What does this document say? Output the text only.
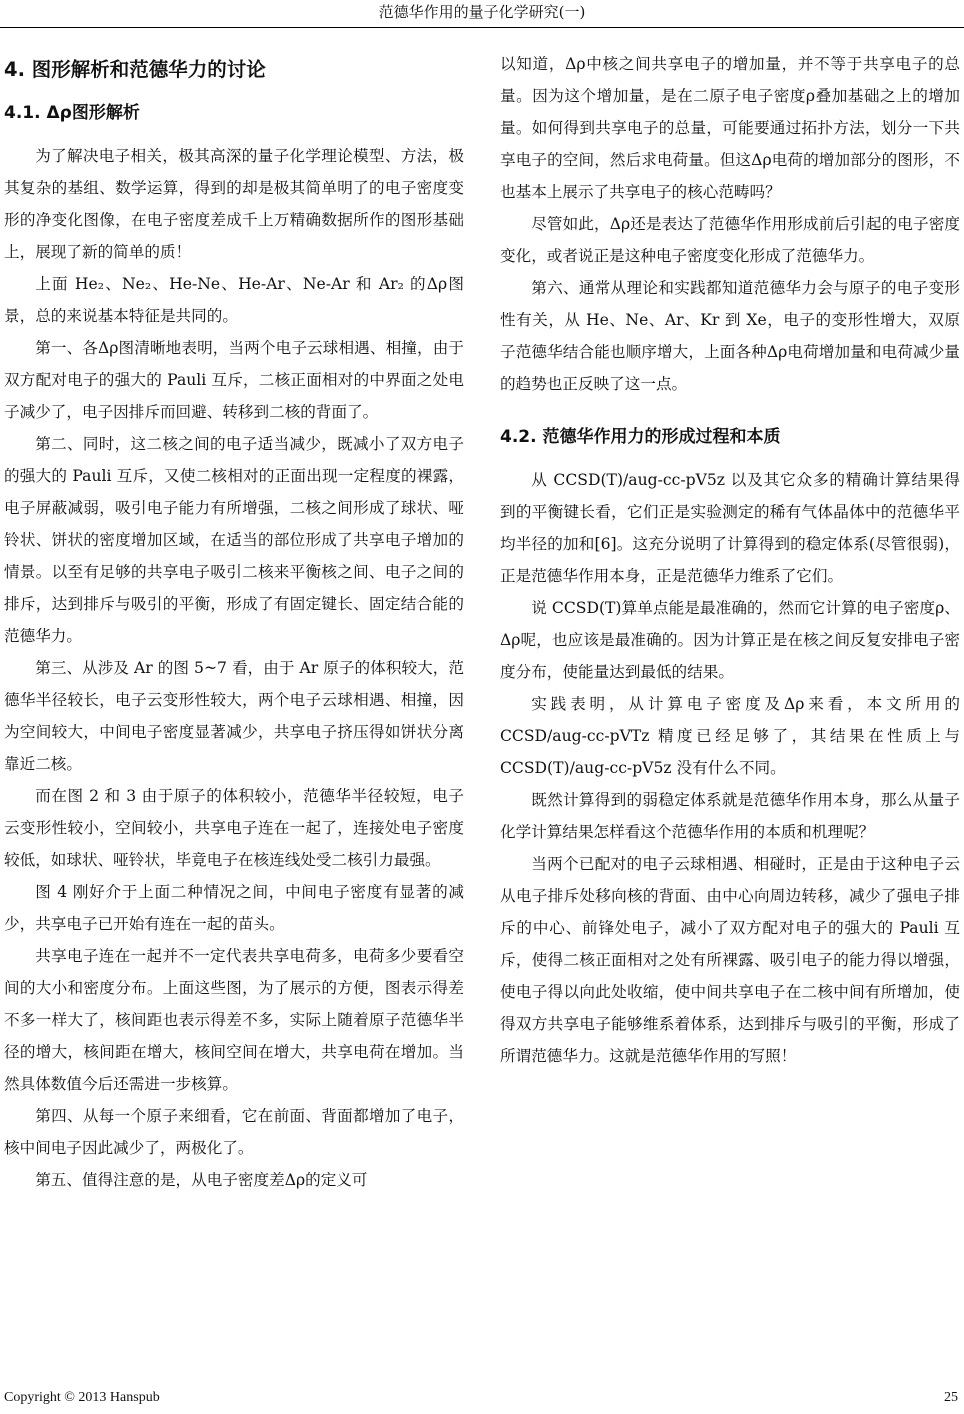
范德华作用的量子化学研究(一)
4. 图形解析和范德华力的讨论
4.1. Δρ图形解析

为了解决电子相关，极其高深的量子化学理论模型、方法，极其复杂的基组、数学运算，得到的却是极其简单明了的电子密度变形的净变化图像，在电子密度差成千上万精确数据所作的图形基础上，展现了新的简单的质！

上面 He₂、Ne₂、He-Ne、He-Ar、Ne-Ar 和 Ar₂ 的Δρ图景，总的来说基本特征是共同的。

第一、各Δρ图清晰地表明，当两个电子云球相遇、相撞，由于双方配对电子的强大的 Pauli 互斥，二核正面相对的中界面之处电子减少了，电子因排斥而回避、转移到二核的背面了。

第二、同时，这二核之间的电子适当减少，既减小了双方电子的强大的 Pauli 互斥，又使二核相对的正面出现一定程度的裸露，电子屏蔽减弱，吸引电子能力有所增强，二核之间形成了球状、哑铃状、饼状的密度增加区域，在适当的部位形成了共享电子增加的情景。以至有足够的共享电子吸引二核来平衡核之间、电子之间的排斥，达到排斥与吸引的平衡，形成了有固定键长、固定结合能的范德华力。

第三、从涉及 Ar 的图 5~7 看，由于 Ar 原子的体积较大，范德华半径较长，电子云变形性较大，两个电子云球相遇、相撞，因为空间较大，中间电子密度显著减少，共享电子挤压得如饼状分离靠近二核。

而在图 2 和 3 由于原子的体积较小，范德华半径较短，电子云变形性较小，空间较小，共享电子连在一起了，连接处电子密度较低，如球状、哑铃状，毕竟电子在核连线处受二核引力最强。

图 4 刚好介于上面二种情况之间，中间电子密度有显著的减少，共享电子已开始有连在一起的苗头。

共享电子连在一起并不一定代表共享电荷多，电荷多少要看空间的大小和密度分布。上面这些图，为了展示的方便，图表示得差不多一样大了，核间距也表示得差不多，实际上随着原子范德华半径的增大，核间距在增大，核间空间在增大，共享电荷在增加。当然具体数值今后还需进一步核算。

第四、从每一个原子来细看，它在前面、背面都增加了电子，核中间电子因此减少了，两极化了。

第五、值得注意的是，从电子密度差Δρ的定义可

以知道，Δρ中核之间共享电子的增加量，并不等于共享电子的总量。因为这个增加量，是在二原子电子密度ρ叠加基础之上的增加量。如何得到共享电子的总量，可能要通过拓扑方法，划分一下共享电子的空间，然后求电荷量。但这Δρ电荷的增加部分的图形，不也基本上展示了共享电子的核心范畴吗？

尽管如此，Δρ还是表达了范德华作用形成前后引起的电子密度变化，或者说正是这种电子密度变化形成了范德华力。

第六、通常从理论和实践都知道范德华力会与原子的电子变形性有关，从 He、Ne、Ar、Kr 到 Xe，电子的变形性增大，双原子范德华结合能也顺序增大，上面各种Δρ电荷增加量和电荷减少量的趋势也正反映了这一点。

4.2. 范德华作用力的形成过程和本质

从 CCSD(T)/aug-cc-pV5z 以及其它众多的精确计算结果得到的平衡键长看，它们正是实验测定的稀有气体晶体中的范德华平均半径的加和[6]。这充分说明了计算得到的稳定体系(尽管很弱)，正是范德华作用本身，正是范德华力维系了它们。

说 CCSD(T)算单点能是最准确的，然而它计算的电子密度ρ、Δρ呢，也应该是最准确的。因为计算正是在核之间反复安排电子密度分布，使能量达到最低的结果。

实践表明，从计算电子密度及Δρ来看，本文所用的 CCSD/aug-cc-pVTz 精度已经足够了，其结果在性质上与 CCSD(T)/aug-cc-pV5z 没有什么不同。

既然计算得到的弱稳定体系就是范德华作用本身，那么从量子化学计算结果怎样看这个范德华作用的本质和机理呢？

当两个已配对的电子云球相遇、相碰时，正是由于这种电子云从电子排斥处移向核的背面、由中心向周边转移，减少了强电子排斥的中心、前锋处电子，减小了双方配对电子的强大的 Pauli 互斥，使得二核正面相对之处有所裸露、吸引电子的能力得以增强，使电子得以向此处收缩，使中间共享电子在二核中间有所增加，使得双方共享电子能够维系着体系，达到排斥与吸引的平衡，形成了所谓范德华力。这就是范德华作用的写照！

Copyright © 2013 Hanspub	25
